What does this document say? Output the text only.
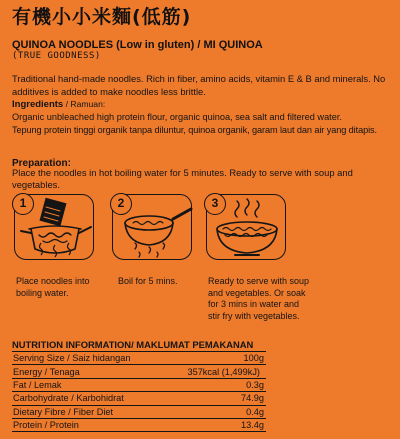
有機小小米麵(低筋)
QUINOA NOODLES (Low in gluten) / MI QUINOA
(TRUE GOODNESS)
Traditional hand-made noodles. Rich in fiber, amino acids, vitamin E & B and minerals. No additives is added to make noodles less brittle.
Ingredients / Ramuan:
Organic unbleached high protein flour, organic quinoa, sea salt and filtered water.
Tepung protein tinggi organik tanpa diluntur, quinoa organik, garam laut dan air yang ditapis.
Preparation:
Place the noodles in hot boiling water for 5 minutes. Ready to serve with soup and vegetables.
1	2	3
Place noodles into
boiling water.
Boil for 5 mins.	Ready to serve with soup
and vegetables. Or soak
for 3 mins in water and
stir fry with vegetables.
NUTRITION INFORMATION/ MAKLUMAT PEMAKANAN
Serving Size / Saiz hidangan	100g
Energy / Tenaga	357kcal (1,499kJ)
Fat / Lemak	0.3g
Carbohydrate / Karbohidrat	74.9g
Dietary Fibre / Fiber Diet	0.4g
Protein / Protein	13.4g
